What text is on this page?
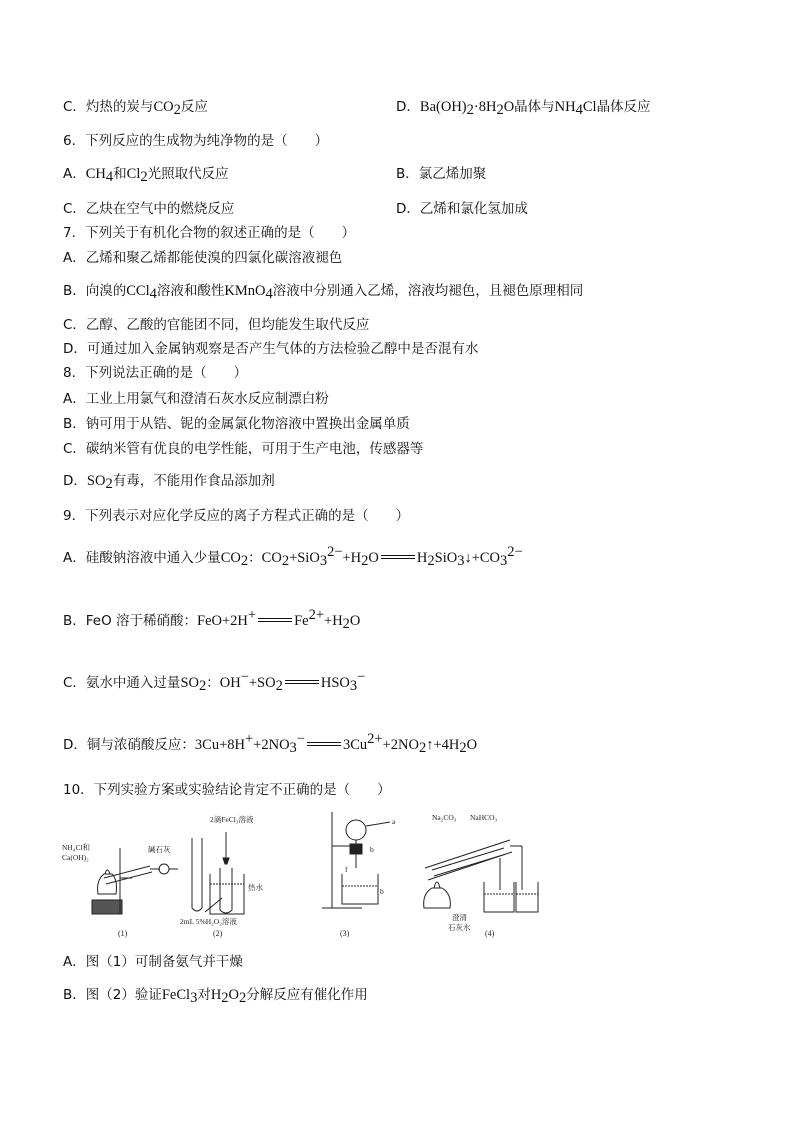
C．灼热的炭与$CO_2$反应	D．$Ba(OH)_2\cdot 8H_2O$晶体与$NH_4Cl$晶体反应
6．下列反应的生成物为纯净物的是（　　）
A．$CH_4$和$Cl_2$光照取代反应	B．氯乙烯加聚
C．乙炔在空气中的燃烧反应	D．乙烯和氯化氢加成
7．下列关于有机化合物的叙述正确的是（　　）
A．乙烯和聚乙烯都能使溴的四氯化碳溶液褪色
B．向溴的CCl$_4$溶液和酸性KMnO$_4$溶液中分别通入乙烯，溶液均褪色，且褪色原理相同
C．乙醇、乙酸的官能团不同，但均能发生取代反应
D．可通过加入金属钠观察是否产生气体的方法检验乙醇中是否混有水
8．下列说法正确的是（　　）
A．工业上用氯气和澄清石灰水反应制漂白粉
B．钠可用于从锆、铌的金属氯化物溶液中置换出金属单质
C．碳纳米管有优良的电学性能，可用于生产电池，传感器等
D．$SO_2$有毒，不能用作食品添加剂
9．下列表示对应化学反应的离子方程式正确的是（　　）
A．硅酸钠溶液中通入少量$CO_2$：$CO_2+SiO_3^{2-}+H_2O$	$H_2SiO_3↓+CO_3^{2-}$
B．FeO 溶于稀硝酸：FeO+2H+	$Fe^{2+}+H_2O$
C．氨水中通入过量$SO_2$：$OH^-+SO_2$	$HSO_3^-$
D．铜与浓硝酸反应：$3Cu+8H^++2NO_3^-$	$3Cu^{2+}+2NO_2↑+4H_2O$
10．下列实验方案或实验结论肯定不正确的是（　　）
NH₄Cl和
Ca(OH)₂
碱石灰
(1)
2滴FeCl₃溶液
热水
2mL 5%H₂O₂溶液
(2)
a
b
f
b
(3)
Na₂CO₃ NaHCO₃
澄清
石灰水
(4)
A．图（1）可制备氨气并干燥
B．图（2）验证FeCl$_3$对$H_2O_2$分解反应有催化作用
